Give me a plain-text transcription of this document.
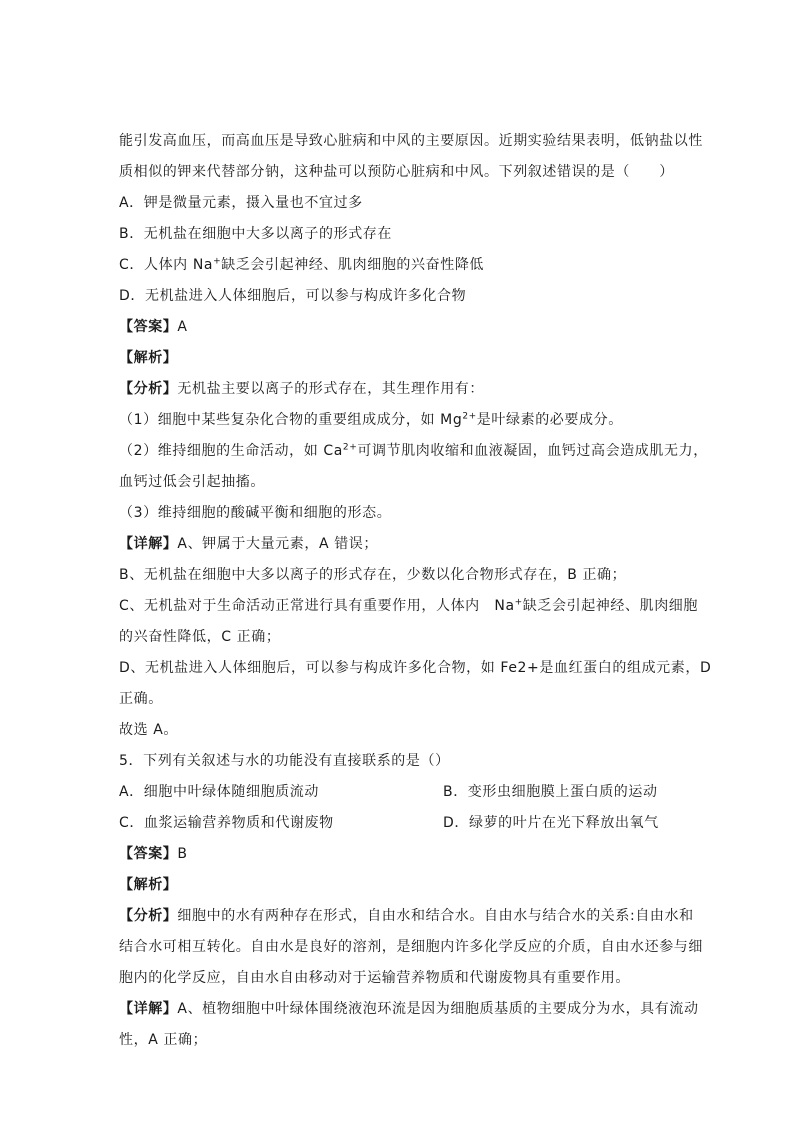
能引发高血压，而高血压是导致心脏病和中风的主要原因。近期实验结果表明，低钠盐以性
质相似的钾来代替部分钠，这种盐可以预防心脏病和中风。下列叙述错误的是（　　）
A．钾是微量元素，摄入量也不宜过多
B．无机盐在细胞中大多以离子的形式存在
C．人体内 Na+缺乏会引起神经、肌肉细胞的兴奋性降低
D．无机盐进入人体细胞后，可以参与构成许多化合物
【答案】A
【解析】
【分析】无机盐主要以离子的形式存在，其生理作用有：
（1）细胞中某些复杂化合物的重要组成成分，如 $Mg^{2+}$是叶绿素的必要成分。
（2）维持细胞的生命活动，如 $Ca^{2+}$可调节肌肉收缩和血液凝固，血钙过高会造成肌无力，
血钙过低会引起抽搐。
（3）维持细胞的酸碱平衡和细胞的形态。
【详解】A、钾属于大量元素，A 错误；
B、无机盐在细胞中大多以离子的形式存在，少数以化合物形式存在，B 正确；
C、无机盐对于生命活动正常进行具有重要作用，人体内　Na+缺乏会引起神经、肌肉细胞
的兴奋性降低，C 正确；
D、无机盐进入人体细胞后，可以参与构成许多化合物，如 Fe2+是血红蛋白的组成元素，D
正确。
故选 A。
5．下列有关叙述与水的功能没有直接联系的是（）
A．细胞中叶绿体随细胞质流动	B．变形虫细胞膜上蛋白质的运动
C．血浆运输营养物质和代谢废物	D．绿萝的叶片在光下释放出氧气
【答案】B
【解析】
【分析】细胞中的水有两种存在形式，自由水和结合水。自由水与结合水的关系:自由水和
结合水可相互转化。自由水是良好的溶剂，是细胞内许多化学反应的介质，自由水还参与细
胞内的化学反应，自由水自由移动对于运输营养物质和代谢废物具有重要作用。
【详解】A、植物细胞中叶绿体围绕液泡环流是因为细胞质基质的主要成分为水，具有流动
性，A 正确；
